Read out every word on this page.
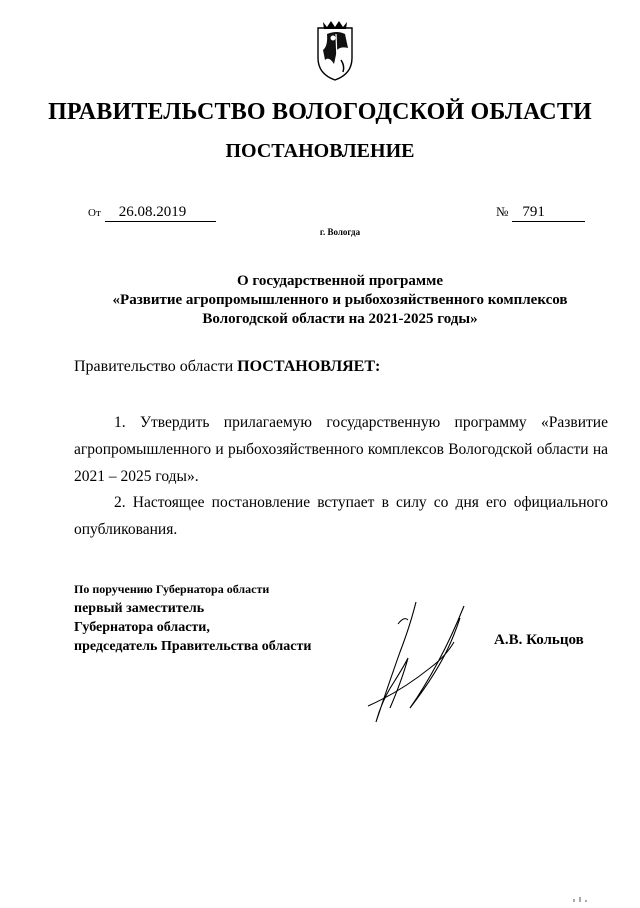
ПРАВИТЕЛЬСТВО ВОЛОГОДСКОЙ ОБЛАСТИ
ПОСТАНОВЛЕНИЕ
От 26.08.2019	№ 791
г. Вологда
О государственной программе
«Развитие агропромышленного и рыбохозяйственного комплексов
Вологодской области на 2021-2025 годы»
Правительство области ПОСТАНОВЛЯЕТ:

1. Утвердить прилагаемую государственную программу «Развитие агропромышленного и рыбохозяйственного комплексов Вологодской области на 2021 – 2025 годы».

2. Настоящее постановление вступает в силу со дня его официального опубликования.

По поручению Губернатора области
первый заместитель
Губернатора области,
председатель Правительства области	А.В. Кольцов
